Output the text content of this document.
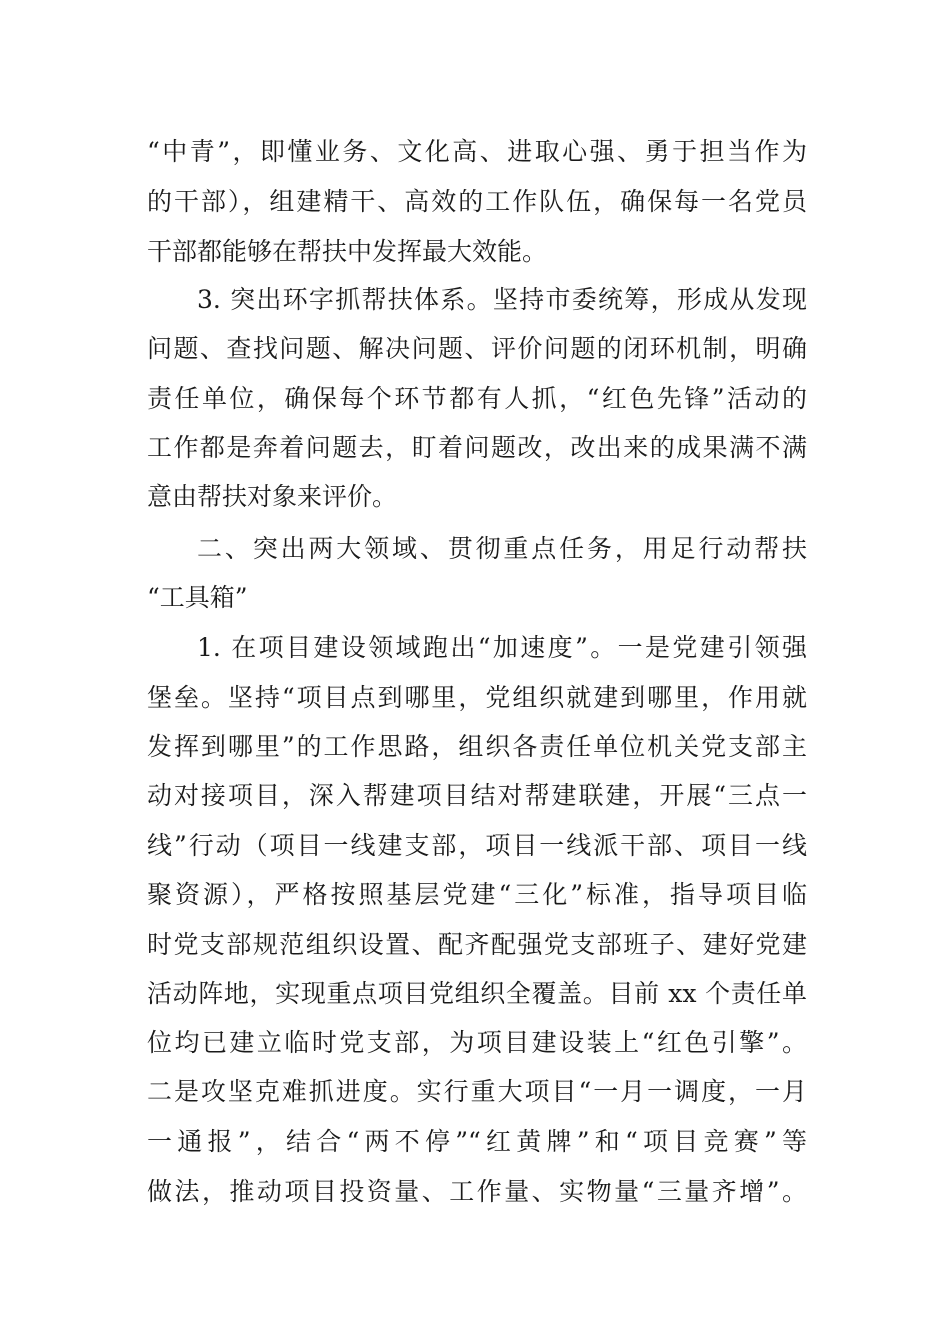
“中青”，即懂业务、文化高、进取心强、勇于担当作为
的干部），组建精干、高效的工作队伍，确保每一名党员
干部都能够在帮扶中发挥最大效能。
3. 突出环字抓帮扶体系。坚持市委统筹，形成从发现
问题、查找问题、解决问题、评价问题的闭环机制，明确
责任单位，确保每个环节都有人抓，“红色先锋”活动的
工作都是奔着问题去，盯着问题改，改出来的成果满不满
意由帮扶对象来评价。
二、突出两大领域、贯彻重点任务，用足行动帮扶
“工具箱”
1. 在项目建设领域跑出“加速度”。一是党建引领强
堡垒。坚持“项目点到哪里，党组织就建到哪里，作用就
发挥到哪里”的工作思路，组织各责任单位机关党支部主
动对接项目，深入帮建项目结对帮建联建，开展“三点一
线”行动（项目一线建支部，项目一线派干部、项目一线
聚资源），严格按照基层党建“三化”标准，指导项目临
时党支部规范组织设置、配齐配强党支部班子、建好党建
活动阵地，实现重点项目党组织全覆盖。目前 xx 个责任单
位均已建立临时党支部，为项目建设装上“红色引擎”。
二是攻坚克难抓进度。实行重大项目“一月一调度，一月
一通报”，结合“两不停”“红黄牌”和“项目竞赛”等
做法，推动项目投资量、工作量、实物量“三量齐增”。
